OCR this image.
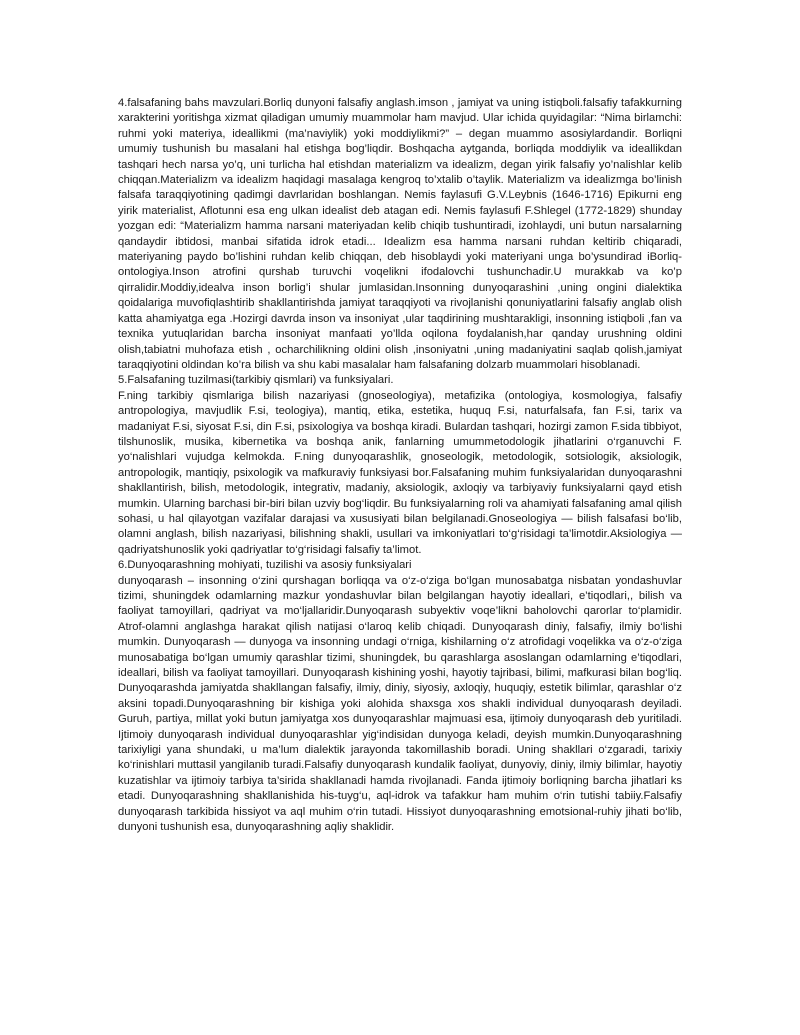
4.falsafaning bahs mavzulari.Borliq dunyoni falsafiy anglash.imson , jamiyat va uning istiqboli.falsafiy tafakkurning xarakterini yoritishga xizmat qiladigan umumiy muammolar ham mavjud. Ular ichida quyidagilar: “Nima birlamchi: ruhmi yoki materiya, ideallikmi (ma’naviylik) yoki moddiylikmi?” – degan muammo asosiylardandir. Borliqni umumiy tushunish bu masalani hal etishga bog’liqdir. Boshqacha aytganda, borliqda moddiylik va ideallikdan tashqari hech narsa yo’q, uni turlicha hal etishdan materializm va idealizm, degan yirik falsafiy yo’nalishlar kelib chiqqan.Materializm va idealizm haqidagi masalaga kengroq to’xtalib o’taylik. Materializm va idealizmga bo’linish falsafa taraqqiyotining qadimgi davrlaridan boshlangan. Nemis faylasufi G.V.Leybnis (1646-1716) Epikurni eng yirik materialist, Aflotunni esa eng ulkan idealist deb atagan edi. Nemis faylasufi F.Shlegel (1772-1829) shunday yozgan edi: “Materializm hamma narsani materiyadan kelib chiqib tushuntiradi, izohlaydi, uni butun narsalarning qandaydir ibtidosi, manbai sifatida idrok etadi... Idealizm esa hamma narsani ruhdan keltirib chiqaradi, materiyaning paydo bo’lishini ruhdan kelib chiqqan, deb hisoblaydi yoki materiyani unga bo’ysundirad iBorliq-ontologiya.Inson atrofini qurshab turuvchi voqelikni ifodalovchi tushunchadir.U murakkab va ko’p qirralidir.Moddiy,idealva inson borlig’i shular jumlasidan.Insonning dunyoqarashini ,uning ongini dialektika qoidalariga muvofiqlashtirib shakllantirishda jamiyat taraqqiyoti va rivojlanishi qonuniyatlarini falsafiy anglab olish katta ahamiyatga ega .Hozirgi davrda inson va insoniyat ,ular taqdirining mushtarakligi, insonning istiqboli ,fan va texnika yutuqlaridan barcha insoniyat manfaati yo’llda oqilona foydalanish,har qanday urushning oldini olish,tabiatni muhofaza etish , ocharchilikning oldini olish ,insoniyatni ,uning madaniyatini saqlab qolish,jamiyat taraqqiyotini oldindan ko’ra bilish va shu kabi masalalar ham falsafaning dolzarb muammolari hisoblanadi.

5.Falsafaning tuzilmasi(tarkibiy qismlari) va funksiyalari.

F.ning tarkibiy qismlariga bilish nazariyasi (gnoseologiya), metafizika (ontologiya, kosmologiya, falsafiy antropologiya, mavjudlik F.si, teologiya), mantiq, etika, estetika, huquq F.si, naturfalsafa, fan F.si, tarix va madaniyat F.si, siyosat F.si, din F.si, psixologiya va boshqa kiradi. Bulardan tashqari, hozirgi zamon F.sida tibbiyot, tilshunoslik, musika, kibernetika va boshqa anik, fanlarning umummetodologik jihatlarini o‘rganuvchi F. yo‘nalishlari vujudga kelmokda. F.ning dunyoqarashlik, gnoseologik, metodologik, sotsiologik, aksiologik, antropologik, mantiqiy, psixologik va mafkuraviy funksiyasi bor.Falsafaning muhim funksiyalaridan dunyoqarashni shakllantirish, bilish, metodologik, integrativ, madaniy, aksiologik, axloqiy va tarbiyaviy funksiyalarni qayd etish mumkin. Ularning barchasi bir-biri bilan uzviy bog‘liqdir. Bu funksiyalarning roli va ahamiyati falsafaning amal qilish sohasi, u hal qilayotgan vazifalar darajasi va xususiyati bilan belgilanadi.Gnoseologiya — bilish falsafasi bo‘lib, olamni anglash, bilish nazariyasi, bilishning shakli, usullari va imkoniyatlari to‘g‘risidagi ta’limotdir.Aksiologiya — qadriyatshunoslik yoki qadriyatlar to‘g‘risidagi falsafiy ta’limot.

6.Dunyoqarashning mohiyati, tuzilishi va asosiy funksiyalari

dunyoqarash – insonning o‘zini qurshagan borliqqa va o‘z-o‘ziga bo‘lgan munosabatga nisbatan yondashuvlar tizimi, shuningdek odamlarning mazkur yondashuvlar bilan belgilangan hayotiy ideallari, e’tiqodlari,, bilish va faoliyat tamoyillari, qadriyat va mo‘ljallaridir.Dunyoqarash subyektiv voqe’likni baholovchi qarorlar to‘plamidir. Atrof-olamni anglashga harakat qilish natijasi o‘laroq kelib chiqadi. Dunyoqarash diniy, falsafiy, ilmiy bo‘lishi mumkin. Dunyoqarash — dunyoga va insonning undagi o‘rniga, kishilarning o‘z atrofidagi voqelikka va o‘z-o‘ziga munosabatiga bo‘lgan umumiy qarashlar tizimi, shuningdek, bu qarashlarga asoslangan odamlarning e’tiqodlari, ideallari, bilish va faoliyat tamoyillari. Dunyoqarash kishining yoshi, hayotiy tajribasi, bilimi, mafkurasi bilan bog‘liq. Dunyoqarashda jamiyatda shakllangan falsafiy, ilmiy, diniy, siyosiy, axloqiy, huquqiy, estetik bilimlar, qarashlar o‘z aksini topadi.Dunyoqarashning bir kishiga yoki alohida shaxsga xos shakli individual dunyoqarash deyiladi. Guruh, partiya, millat yoki butun jamiyatga xos dunyoqarashlar majmuasi esa, ijtimoiy dunyoqarash deb yuritiladi. Ijtimoiy dunyoqarash individual dunyoqarashlar yig‘indisidan dunyoga keladi, deyish mumkin.Dunyoqarashning tarixiyligi yana shundaki, u ma’lum dialektik jarayonda takomillashib boradi. Uning shakllari o‘zgaradi, tarixiy ko‘rinishlari muttasil yangilanib turadi.Falsafiy dunyoqarash kundalik faoliyat, dunyoviy, diniy, ilmiy bilimlar, hayotiy kuzatishlar va ijtimoiy tarbiya ta’sirida shakllanadi hamda rivojlanadi. Fanda ijtimoiy borliqning barcha jihatlari ks etadi. Dunyoqarashning shakllanishida his-tuyg‘u, aql-idrok va tafakkur ham muhim o‘rin tutishi tabiiy.Falsafiy dunyoqarash tarkibida hissiyot va aql muhim o‘rin tutadi. Hissiyot dunyoqarashning emotsional-ruhiy jihati bo‘lib, dunyoni tushunish esa, dunyoqarashning aqliy shaklidir.
